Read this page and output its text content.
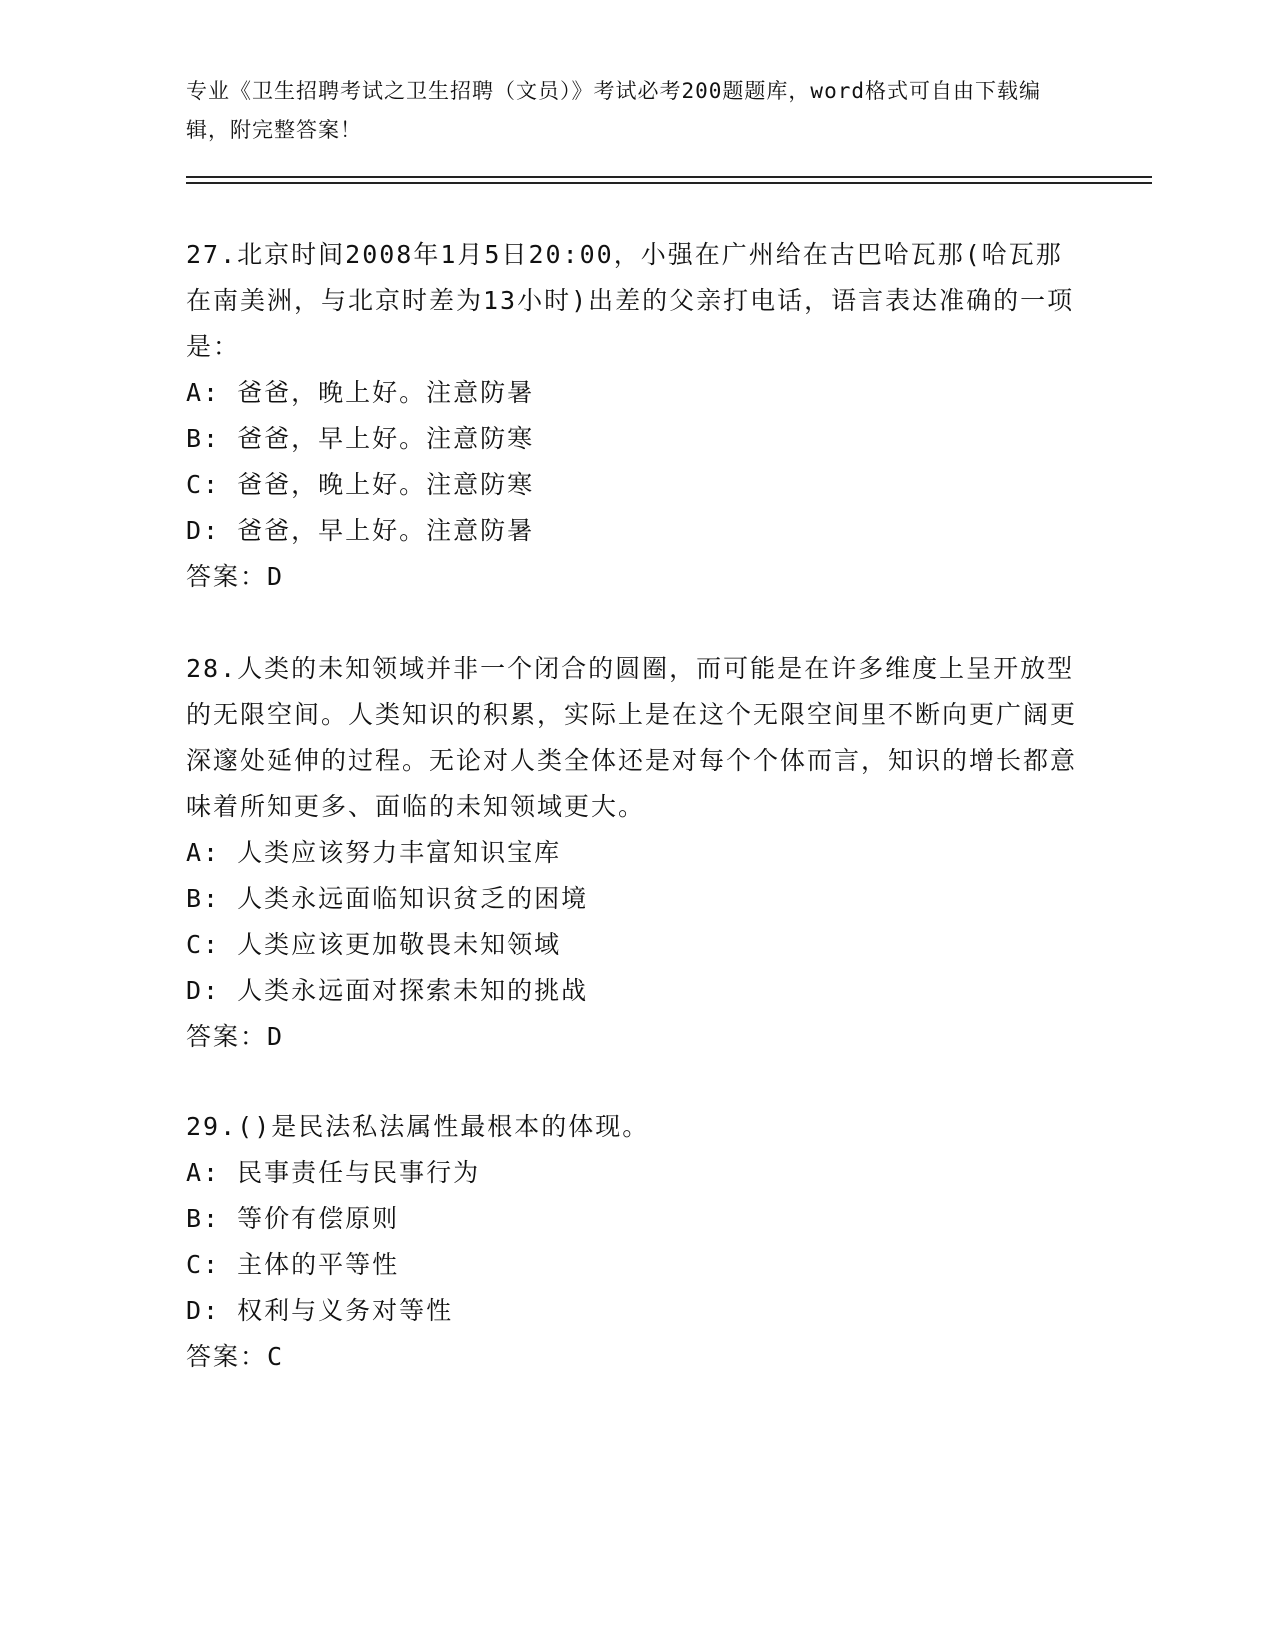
专业《卫生招聘考试之卫生招聘（文员）》考试必考200题题库，word格式可自由下载编辑，附完整答案！
27.北京时间2008年1月5日20:00，小强在广州给在古巴哈瓦那(哈瓦那在南美洲，与北京时差为13小时)出差的父亲打电话，语言表达准确的一项是：
A: 爸爸，晚上好。注意防暑
B: 爸爸，早上好。注意防寒
C: 爸爸，晚上好。注意防寒
D: 爸爸，早上好。注意防暑
答案：D
28.人类的未知领域并非一个闭合的圆圈，而可能是在许多维度上呈开放型的无限空间。人类知识的积累，实际上是在这个无限空间里不断向更广阔更深邃处延伸的过程。无论对人类全体还是对每个个体而言，知识的增长都意味着所知更多、面临的未知领域更大。
A: 人类应该努力丰富知识宝库
B: 人类永远面临知识贫乏的困境
C: 人类应该更加敬畏未知领域
D: 人类永远面对探索未知的挑战
答案：D
29.()是民法私法属性最根本的体现。
A: 民事责任与民事行为
B: 等价有偿原则
C: 主体的平等性
D: 权利与义务对等性
答案：C
